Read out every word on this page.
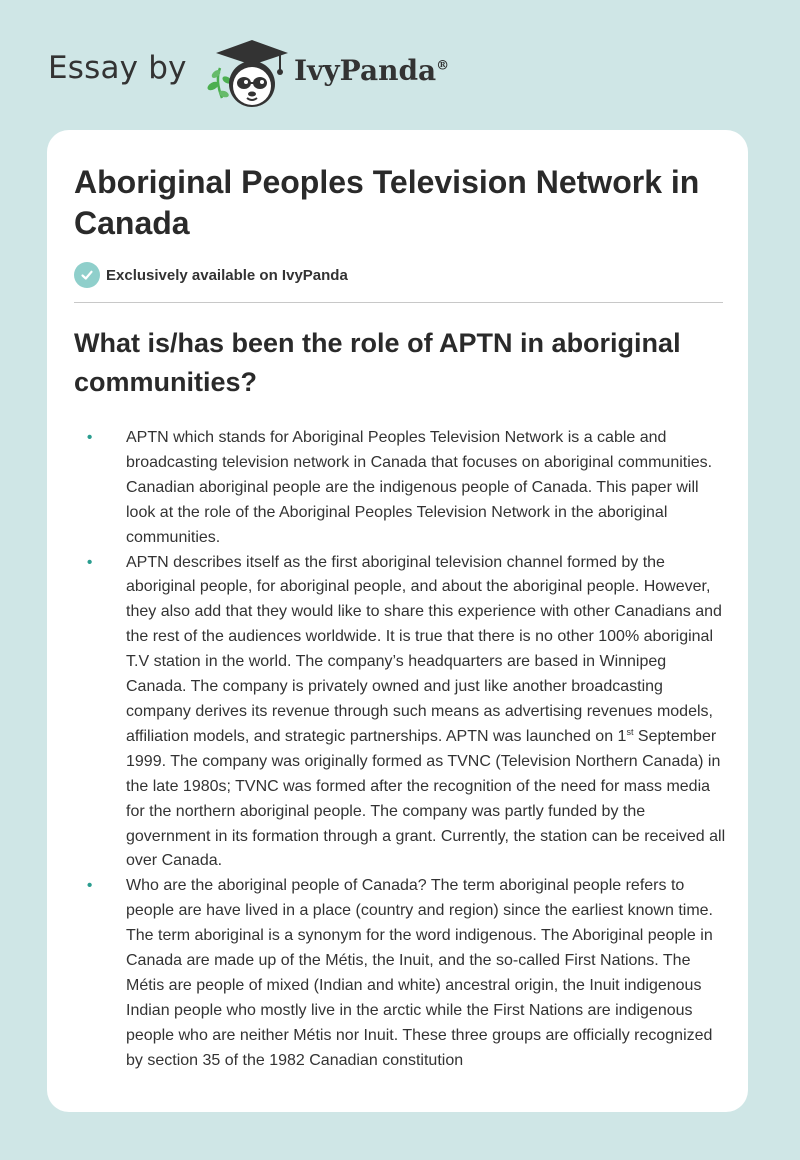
Essay by	IvyPanda®
Aboriginal Peoples Television Network in Canada
Exclusively available on IvyPanda
What is/has been the role of APTN in aboriginal communities?
• APTN which stands for Aboriginal Peoples Television Network is a cable and broadcasting television network in Canada that focuses on aboriginal communities. Canadian aboriginal people are the indigenous people of Canada. This paper will look at the role of the Aboriginal Peoples Television Network in the aboriginal communities.
• APTN describes itself as the first aboriginal television channel formed by the aboriginal people, for aboriginal people, and about the aboriginal people. However, they also add that they would like to share this experience with other Canadians and the rest of the audiences worldwide. It is true that there is no other 100% aboriginal T.V station in the world. The company’s headquarters are based in Winnipeg Canada. The company is privately owned and just like another broadcasting company derives its revenue through such means as advertising revenues models, affiliation models, and strategic partnerships. APTN was launched on 1st September 1999. The company was originally formed as TVNC (Television Northern Canada) in the late 1980s; TVNC was formed after the recognition of the need for mass media for the northern aboriginal people. The company was partly funded by the government in its formation through a grant. Currently, the station can be received all over Canada.
• Who are the aboriginal people of Canada? The term aboriginal people refers to people are have lived in a place (country and region) since the earliest known time. The term aboriginal is a synonym for the word indigenous. The Aboriginal people in Canada are made up of the Métis, the Inuit, and the so-called First Nations. The Métis are people of mixed (Indian and white) ancestral origin, the Inuit indigenous Indian people who mostly live in the arctic while the First Nations are indigenous people who are neither Métis nor Inuit. These three groups are officially recognized by section 35 of the 1982 Canadian constitution
